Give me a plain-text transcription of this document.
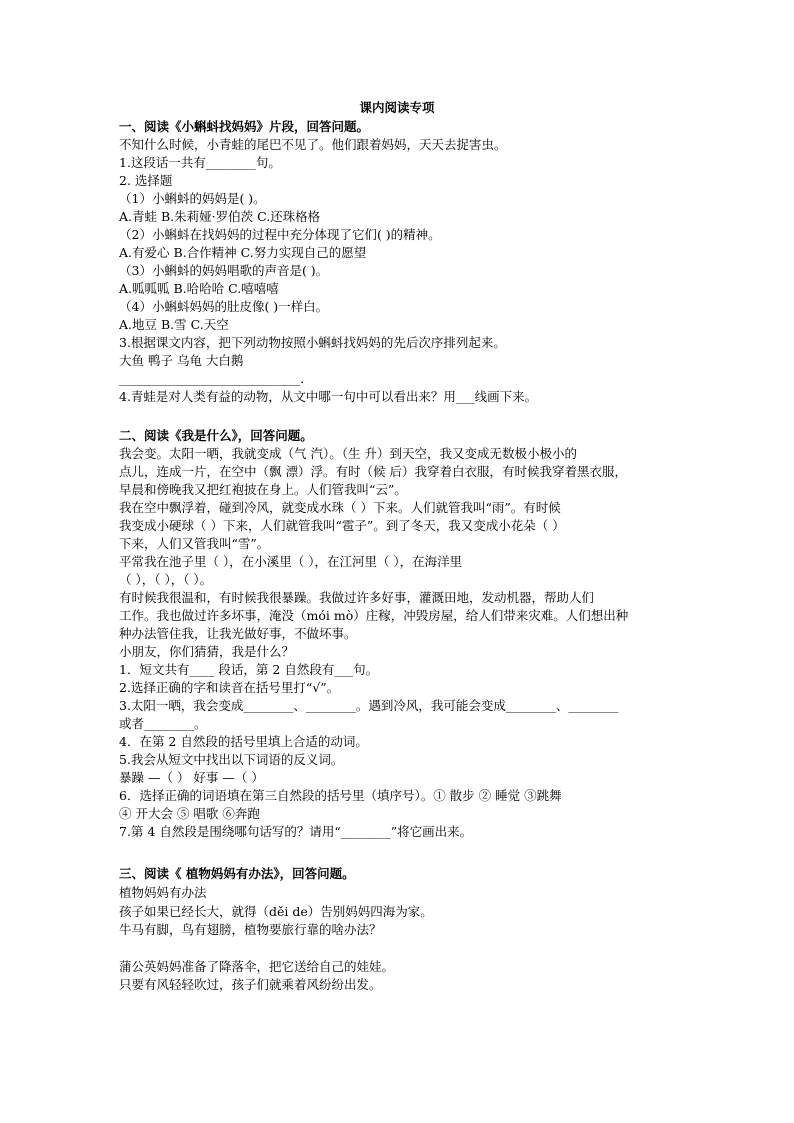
课内阅读专项
一、阅读《小蝌蚪找妈妈》片段，回答问题。
不知什么时候，小青蛙的尾巴不见了。他们跟着妈妈，天天去捉害虫。
1.这段话一共有________句。
2. 选择题
（1）小蝌蚪的妈妈是( )。
A.青蛙 B.朱莉娅·罗伯茨 C.还珠格格
（2）小蝌蚪在找妈妈的过程中充分体现了它们( )的精神。
A.有爱心 B.合作精神 C.努力实现自己的愿望
（3）小蝌蚪的妈妈唱歌的声音是( )。
A.呱呱呱 B.哈哈哈 C.嘻嘻嘻
（4）小蝌蚪妈妈的肚皮像( )一样白。
A.地豆 B.雪 C.天空
3.根据课文内容，把下列动物按照小蝌蚪找妈妈的先后次序排列起来。
大鱼 鸭子 乌龟 大白鹅
_____________________________．
4.青蛙是对人类有益的动物，从文中哪一句中可以看出来？用___线画下来。
二、阅读《我是什么》，回答问题。
我会变。太阳一晒，我就变成（气 汽）。（生 升）到天空，我又变成无数极小极小的
点儿，连成一片，在空中（飘 漂）浮。有时（候 后）我穿着白衣服，有时候我穿着黑衣服，
早晨和傍晚我又把红袍披在身上。人们管我叫“云”。
我在空中飘浮着，碰到冷风，就变成水珠（ ）下来。人们就管我叫“雨”。有时候
我变成小硬球（ ）下来，人们就管我叫“雹子”。到了冬天，我又变成小花朵（ ）
下来，人们又管我叫“雪”。
平常我在池子里（ ），在小溪里（ ），在江河里（ ），在海洋里
（ ），（ ），（ ）。
有时候我很温和，有时候我很暴躁。我做过许多好事，灌溉田地，发动机器，帮助人们
工作。我也做过许多坏事，淹没（mói mò）庄稼，冲毁房屋，给人们带来灾难。人们想出种
种办法管住我，让我光做好事，不做坏事。
小朋友，你们猜猜，我是什么？
1．短文共有____ 段话，第 2 自然段有___句。
2.选择正确的字和读音在括号里打“√”。
3.太阳一晒，我会变成________、________。遇到冷风，我可能会变成________、________
或者________。
4．在第 2 自然段的括号里填上合适的动词。
5.我会从短文中找出以下词语的反义词。
暴躁 —（ ） 好事 —（ ）
6．选择正确的词语填在第三自然段的括号里（填序号）。① 散步 ② 睡觉 ③跳舞
④ 开大会 ⑤ 唱歌 ⑥奔跑
7.第 4 自然段是围绕哪句话写的？请用“________”将它画出来。
三、阅读《 植物妈妈有办法》，回答问题。
植物妈妈有办法
孩子如果已经长大，就得（děi de）告别妈妈四海为家。
牛马有脚，鸟有翅膀，植物要旅行靠的啥办法？
蒲公英妈妈准备了降落伞，把它送给自己的娃娃。
只要有风轻轻吹过，孩子们就乘着风纷纷出发。
